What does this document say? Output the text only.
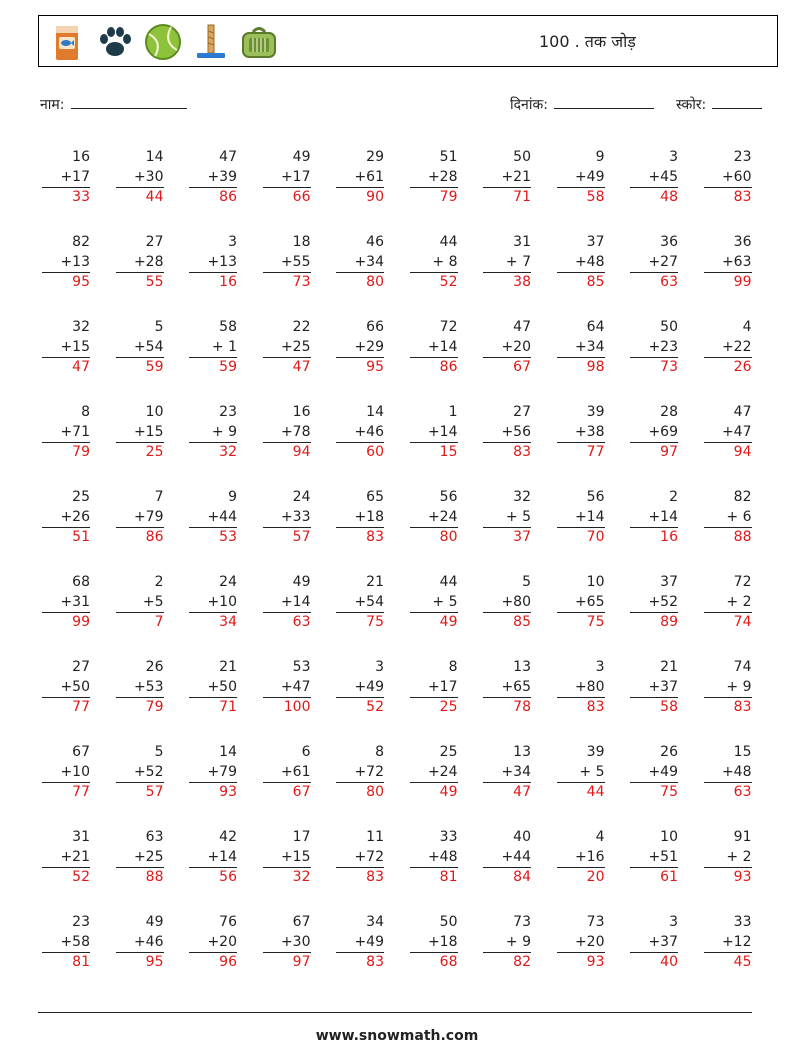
100 . तक जोड़
नाम:	दिनांक:	स्कोर:
16
+17
33
14
+30
44
47
+39
86
49
+17
66
29
+61
90
51
+28
79
50
+21
71
9
+49
58
3
+45
48
23
+60
83
82
+13
95
27
+28
55
3
+13
16
18
+55
73
46
+34
80
44
+ 8
52
31
+ 7
38
37
+48
85
36
+27
63
36
+63
99
32
+15
47
5
+54
59
58
+ 1
59
22
+25
47
66
+29
95
72
+14
86
47
+20
67
64
+34
98
50
+23
73
4
+22
26
8
+71
79
10
+15
25
23
+ 9
32
16
+78
94
14
+46
60
1
+14
15
27
+56
83
39
+38
77
28
+69
97
47
+47
94
25
+26
51
7
+79
86
9
+44
53
24
+33
57
65
+18
83
56
+24
80
32
+ 5
37
56
+14
70
2
+14
16
82
+ 6
88
68
+31
99
2
+5
7
24
+10
34
49
+14
63
21
+54
75
44
+ 5
49
5
+80
85
10
+65
75
37
+52
89
72
+ 2
74
27
+50
77
26
+53
79
21
+50
71
53
+47
100
3
+49
52
8
+17
25
13
+65
78
3
+80
83
21
+37
58
74
+ 9
83
67
+10
77
5
+52
57
14
+79
93
6
+61
67
8
+72
80
25
+24
49
13
+34
47
39
+ 5
44
26
+49
75
15
+48
63
31
+21
52
63
+25
88
42
+14
56
17
+15
32
11
+72
83
33
+48
81
40
+44
84
4
+16
20
10
+51
61
91
+ 2
93
23
+58
81
49
+46
95
76
+20
96
67
+30
97
34
+49
83
50
+18
68
73
+ 9
82
73
+20
93
3
+37
40
33
+12
45
www.snowmath.com
